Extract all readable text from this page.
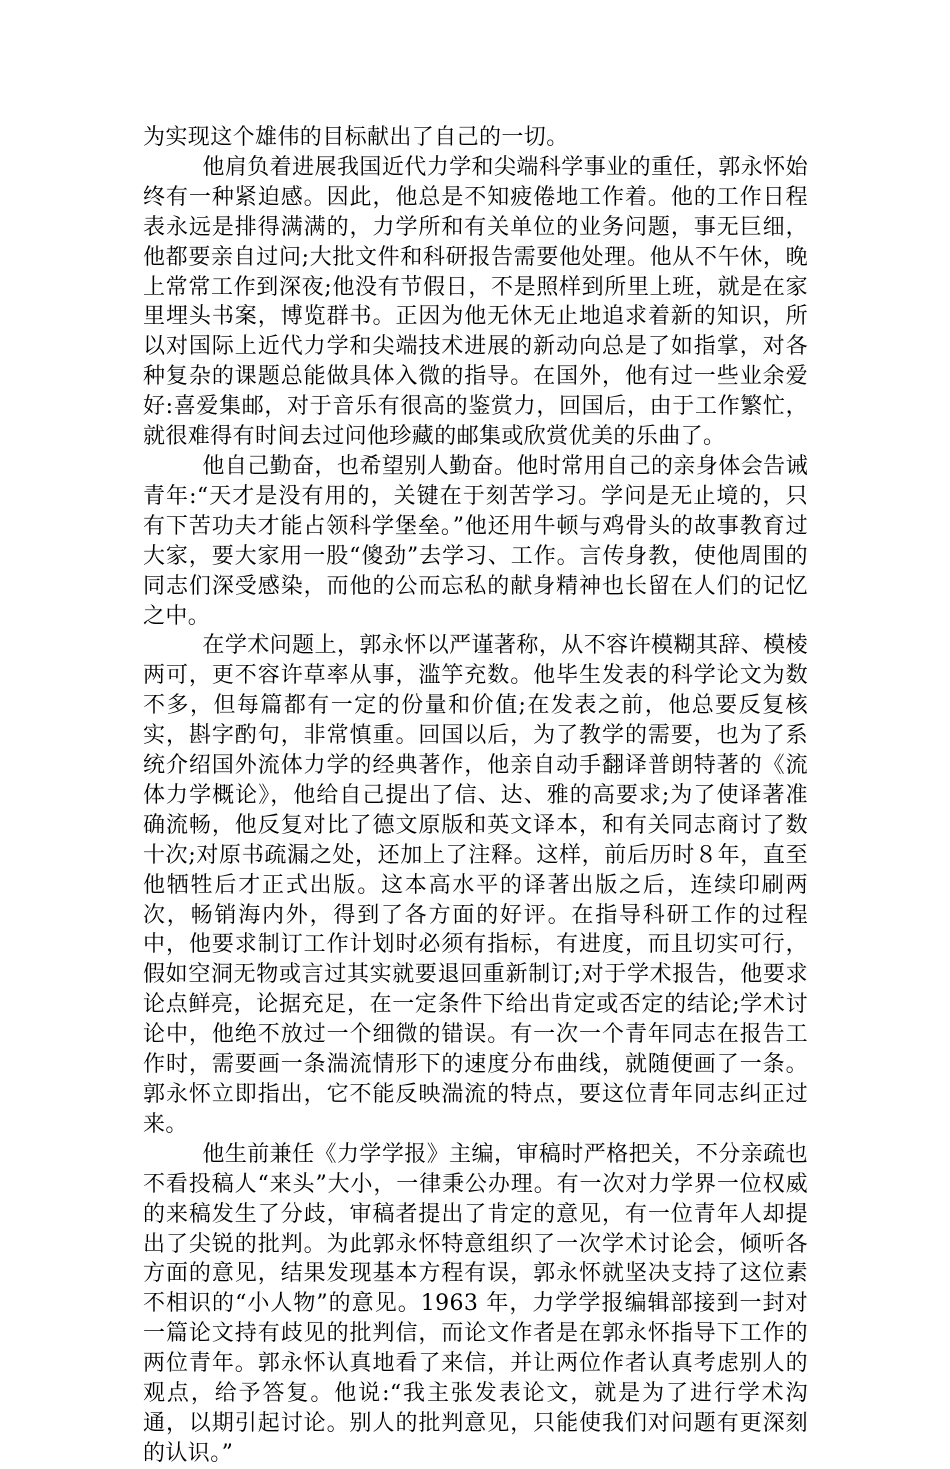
为实现这个雄伟的目标献出了自己的一切。

他肩负着进展我国近代力学和尖端科学事业的重任，郭永怀始终有一种紧迫感。因此，他总是不知疲倦地工作着。他的工作日程表永远是排得满满的，力学所和有关单位的业务问题，事无巨细，他都要亲自过问;大批文件和科研报告需要他处理。他从不午休，晚上常常工作到深夜;他没有节假日，不是照样到所里上班，就是在家里埋头书案，博览群书。正因为他无休无止地追求着新的知识，所以对国际上近代力学和尖端技术进展的新动向总是了如指掌，对各种复杂的课题总能做具体入微的指导。在国外，他有过一些业余爱好:喜爱集邮，对于音乐有很高的鉴赏力，回国后，由于工作繁忙，就很难得有时间去过问他珍藏的邮集或欣赏优美的乐曲了。

他自己勤奋，也希望别人勤奋。他时常用自己的亲身体会告诫青年:“天才是没有用的，关键在于刻苦学习。学问是无止境的，只有下苦功夫才能占领科学堡垒。”他还用牛顿与鸡骨头的故事教育过大家，要大家用一股“傻劲”去学习、工作。言传身教，使他周围的同志们深受感染，而他的公而忘私的献身精神也长留在人们的记忆之中。

在学术问题上，郭永怀以严谨著称，从不容许模糊其辞、模棱两可，更不容许草率从事，滥竽充数。他毕生发表的科学论文为数不多，但每篇都有一定的份量和价值;在发表之前，他总要反复核实，斟字酌句，非常慎重。回国以后，为了教学的需要，也为了系统介绍国外流体力学的经典著作，他亲自动手翻译普朗特著的《流体力学概论》，他给自己提出了信、达、雅的高要求;为了使译著准确流畅，他反复对比了德文原版和英文译本，和有关同志商讨了数十次;对原书疏漏之处，还加上了注释。这样，前后历时８年，直至他牺牲后才正式出版。这本高水平的译著出版之后，连续印刷两次，畅销海内外，得到了各方面的好评。在指导科研工作的过程中，他要求制订工作计划时必须有指标，有进度，而且切实可行，假如空洞无物或言过其实就要退回重新制订;对于学术报告，他要求论点鲜亮，论据充足，在一定条件下给出肯定或否定的结论;学术讨论中，他绝不放过一个细微的错误。有一次一个青年同志在报告工作时，需要画一条湍流情形下的速度分布曲线，就随便画了一条。郭永怀立即指出，它不能反映湍流的特点，要这位青年同志纠正过来。

他生前兼任《力学学报》主编，审稿时严格把关，不分亲疏也不看投稿人“来头”大小，一律秉公办理。有一次对力学界一位权威的来稿发生了分歧，审稿者提出了肯定的意见，有一位青年人却提出了尖锐的批判。为此郭永怀特意组织了一次学术讨论会，倾听各方面的意见，结果发现基本方程有误，郭永怀就坚决支持了这位素不相识的“小人物”的意见。1963 年，力学学报编辑部接到一封对一篇论文持有歧见的批判信，而论文作者是在郭永怀指导下工作的两位青年。郭永怀认真地看了来信，并让两位作者认真考虑别人的观点，给予答复。他说:“我主张发表论文，就是为了进行学术沟通，以期引起讨论。别人的批判意见，只能使我们对问题有更深刻的认识。”
